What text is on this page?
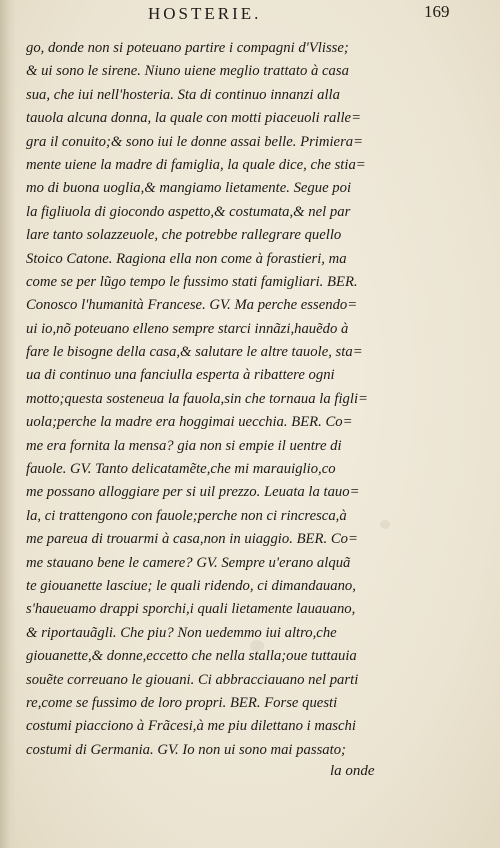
HOSTERIE.	169
go, donde non si poteuano partire i compagni d'Vlisse;
& ui sono le sirene. Niuno uiene meglio trattato à casa
sua, che iui nell'hosteria. Sta di continuo innanzi alla
tauola alcuna donna, la quale con motti piaceuoli ralle=
gra il conuito;& sono iui le donne assai belle. Primiera=
mente uiene la madre di famiglia, la quale dice, che stia=
mo di buona uoglia,& mangiamo lietamente. Segue poi
la figliuola di giocondo aspetto,& costumata,& nel par
lare tanto solazzeuole, che potrebbe rallegrare quello
Stoico Catone. Ragiona ella non come à forastieri, ma
come se per lũgo tempo le fussimo stati famigliari. BER.
Conosco l'humanità Francese. GV. Ma perche essendo=
ui io,nõ poteuano elleno sempre starci innãzi,hauẽdo à
fare le bisogne della casa,& salutare le altre tauole, sta=
ua di continuo una fanciulla esperta à ribattere ogni
motto;questa sosteneua la fauola,sin che tornaua la figli=
uola;perche la madre era hoggimai uecchia. BER. Co=
me era fornita la mensa? gia non si empie il uentre di
fauole. GV. Tanto delicatamẽte,che mi marauiglio,co
me possano alloggiare per si uil prezzo. Leuata la tauo=
la, ci trattengono con fauole;perche non ci rincresca,à
me pareua di trouarmi à casa,non in uiaggio. BER. Co=
me stauano bene le camere? GV. Sempre u'erano alquã
te giouanette lasciue; le quali ridendo, ci dimandauano,
s'haueuamo drappi sporchi,i quali lietamente lauauano,
& riportauãgli. Che piu? Non uedemmo iui altro,che
giouanette,& donne,eccetto che nella stalla;oue tuttauia
souẽte correuano le giouani. Ci abbracciauano nel parti
re,come se fussimo de loro propri. BER. Forse questi
costumi piacciono à Frãcesi,à me piu dilettano i maschi
costumi di Germania. GV. Io non ui sono mai passato;
la onde
